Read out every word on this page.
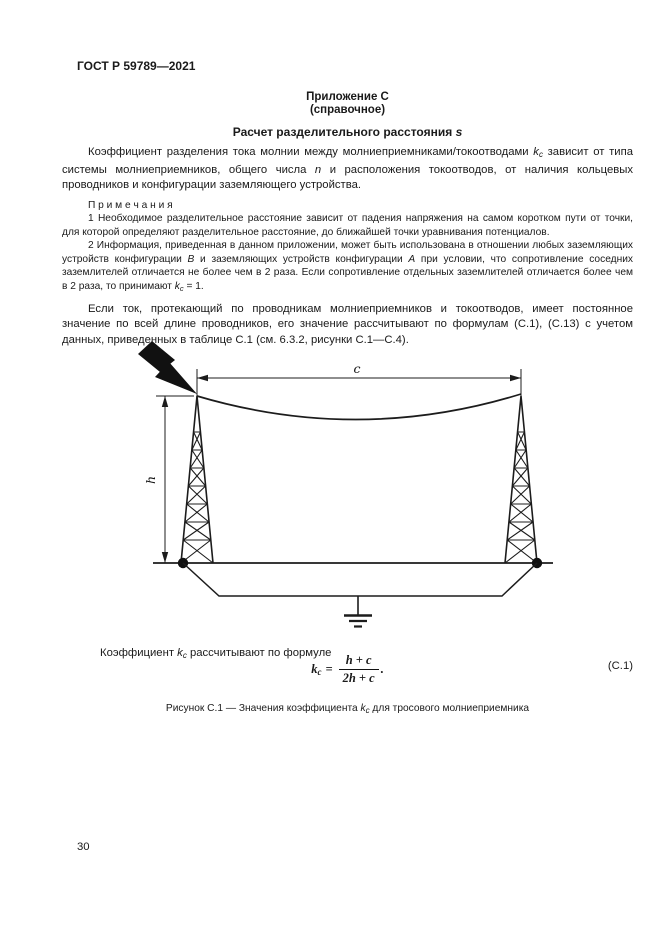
ГОСТ Р 59789—2021
Приложение С
(справочное)
Расчет разделительного расстояния s

Коэффициент разделения тока молнии между молниеприемниками/токоотводами $k_с$ зависит от типа системы молниеприемников, общего числа n и расположения токоотводов, от наличия кольцевых проводников и конфигурации заземляющего устройства.

П р и м е ч а н и я

1 Необходимое разделительное расстояние зависит от падения напряжения на самом коротком пути от точки, для которой определяют разделительное расстояние, до ближайшей точки уравнивания потенциалов.

2 Информация, приведенная в данном приложении, может быть использована в отношении любых заземляющих устройств конфигурации В и заземляющих устройств конфигурации А при условии, что сопротивление соседних заземлителей отличается не более чем в 2 раза. Если сопротивление отдельных заземлителей отличается более чем в 2 раза, то принимают $k_с = 1$.

Если ток, протекающий по проводникам молниеприемников и токоотводов, имеет постоянное значение по всей длине проводников, его значение рассчитывают по формулам (С.1), (С.13) с учетом данных, приведенных в таблице С.1 (см. 6.3.2, рисунки С.1—С.4).

c
h

Коэффициент $k_с$ рассчитывают по формуле

$k_с = \frac{h + c}{2h + c}$ .	(С.1)

Рисунок С.1 — Значения коэффициента $k_с$ для тросового молниеприемника

30
